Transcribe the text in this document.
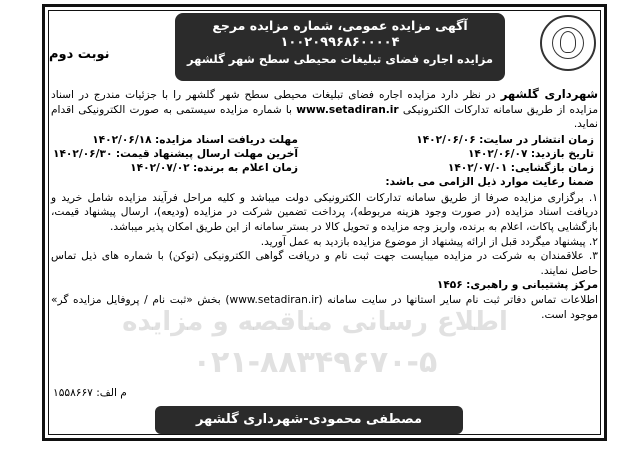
آگهی مزایده عمومی، شماره مزایده مرجع
۱۰۰۲۰۹۹۶۸۶۰۰۰۰۴
مزایده اجاره فضای تبلیغات محیطی سطح شهر گلشهر
نوبت دوم
شهرداری گلشهر در نظر دارد مزایده اجاره فضای تبلیغات محیطی سطح شهر گلشهر را با جزئیات مندرج در اسناد مزایده از طریق سامانه تدارکات الکترونیکی www.setadiran.ir با شماره مزایده سیستمی به صورت الکترونیکی اقدام نماید.
زمان انتشار در سایت: ۱۴۰۲/۰۶/۰۶
مهلت دریافت اسناد مزایده: ۱۴۰۲/۰۶/۱۸
تاریخ بازدید: ۱۴۰۲/۰۶/۰۷
آخرین مهلت ارسال پیشنهاد قیمت: ۱۴۰۲/۰۶/۳۰
زمان بازگشایی: ۱۴۰۲/۰۷/۰۱
زمان اعلام به برنده: ۱۴۰۲/۰۷/۰۲
ضمنا رعایت موارد ذیل الزامی می باشد:
۱. برگزاری مزایده صرفا از طریق سامانه تدارکات الکترونیکی دولت میباشد و کلیه مراحل فرآیند مزایده شامل خرید و دریافت اسناد مزایده (در صورت وجود هزینه مربوطه)، پرداخت تضمین شرکت در مزایده (ودیعه)، ارسال پیشنهاد قیمت، بازگشایی پاکات، اعلام به برنده، واریز وجه مزایده و تحویل کالا در بستر سامانه از این طریق امکان پذیر میباشد.
۲. پیشنهاد میگردد قبل از ارائه پیشنهاد از موضوع مزایده بازدید به عمل آورید.
۳. علاقمندان به شرکت در مزایده میبایست جهت ثبت نام و دریافت گواهی الکترونیکی (توکن) با شماره های ذیل تماس حاصل نمایند.
مرکز پشتیبانی و راهبری: ۱۴۵۶
اطلاعات تماس دفاتر ثبت نام سایر استانها در سایت سامانه (www.setadiran.ir) بخش «ثبت نام / پروفایل مزایده گر» موجود است.
اطلاع رسانی مناقصه و مزایده
۰۲۱-۸۸۳۴۹۶۷۰-۵
م الف: ۱۵۵۸۶۶۷
مصطفی محمودی-شهرداری گلشهر
